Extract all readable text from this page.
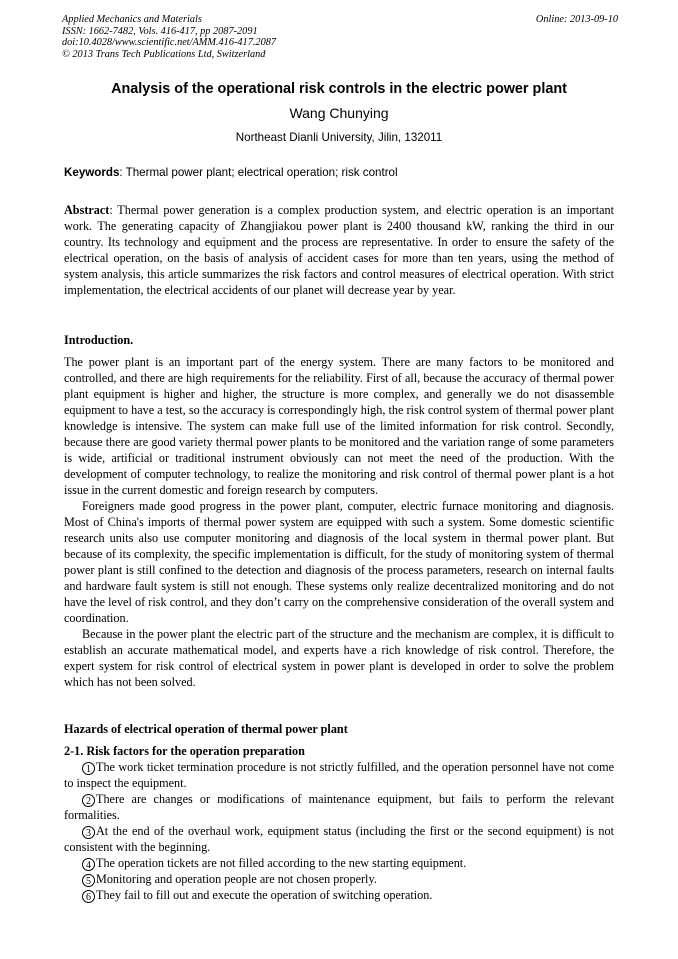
Applied Mechanics and Materials
ISSN: 1662-7482, Vols. 416-417, pp 2087-2091
doi:10.4028/www.scientific.net/AMM.416-417.2087
© 2013 Trans Tech Publications Ltd, Switzerland
Online: 2013-09-10
Analysis of the operational risk controls in the electric power plant
Wang Chunying
Northeast Dianli University, Jilin, 132011
Keywords: Thermal power plant; electrical operation; risk control

Abstract: Thermal power generation is a complex production system, and electric operation is an important work. The generating capacity of Zhangjiakou power plant is 2400 thousand kW, ranking the third in our country. Its technology and equipment and the process are representative. In order to ensure the safety of the electrical operation, on the basis of analysis of accident cases for more than ten years, using the method of system analysis, this article summarizes the risk factors and control measures of electrical operation. With strict implementation, the electrical accidents of our planet will decrease year by year.

Introduction.

The power plant is an important part of the energy system. There are many factors to be monitored and controlled, and there are high requirements for the reliability. First of all, because the accuracy of thermal power plant equipment is higher and higher, the structure is more complex, and generally we do not disassemble equipment to have a test, so the accuracy is correspondingly high, the risk control system of thermal power plant knowledge is intensive. The system can make full use of the limited information for risk control. Secondly, because there are good variety thermal power plants to be monitored and the variation range of some parameters is wide, artificial or traditional instrument obviously can not meet the need of the production. With the development of computer technology, to realize the monitoring and risk control of thermal power plant is a hot issue in the current domestic and foreign research by computers.

Foreigners made good progress in the power plant, computer, electric furnace monitoring and diagnosis. Most of China's imports of thermal power system are equipped with such a system. Some domestic scientific research units also use computer monitoring and diagnosis of the local system in thermal power plant. But because of its complexity, the specific implementation is difficult, for the study of monitoring system of thermal power plant is still confined to the detection and diagnosis of the process parameters, research on internal faults and hardware fault system is still not enough. These systems only realize decentralized monitoring and do not have the level of risk control, and they don’t carry on the comprehensive consideration of the overall system and coordination.

Because in the power plant the electric part of the structure and the mechanism are complex, it is difficult to establish an accurate mathematical model, and experts have a rich knowledge of risk control. Therefore, the expert system for risk control of electrical system in power plant is developed in order to solve the problem which has not been solved.

Hazards of electrical operation of thermal power plant
2-1. Risk factors for the operation preparation

1 The work ticket termination procedure is not strictly fulfilled, and the operation personnel have not come to inspect the equipment.

2 There are changes or modifications of maintenance equipment, but fails to perform the relevant formalities.

3 At the end of the overhaul work, equipment status (including the first or the second equipment) is not consistent with the beginning.

4 The operation tickets are not filled according to the new starting equipment.

5 Monitoring and operation people are not chosen properly.

6 They fail to fill out and execute the operation of switching operation.
